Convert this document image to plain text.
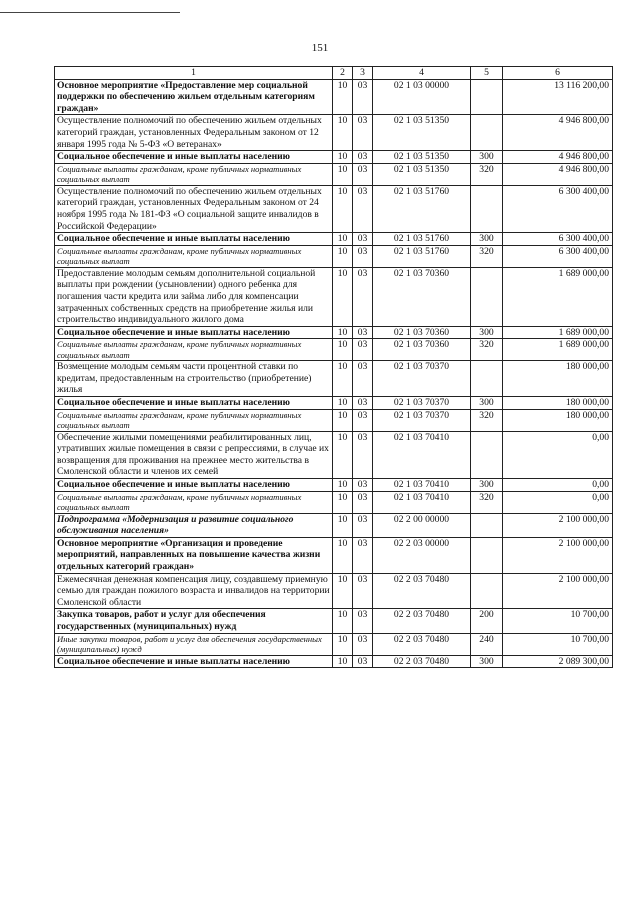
151
1	2	3	4	5	6
Основное мероприятие «Предоставление мер социальной поддержки по обеспечению жильем отдельным категориям граждан»	10	03	02 1 03 00000		13 116 200,00
Осуществление полномочий по обеспечению жильем отдельных категорий граждан, установленных Федеральным законом от 12 января 1995 года № 5-ФЗ «О ветеранах»	10	03	02 1 03 51350		4 946 800,00
Социальное обеспечение и иные выплаты населению	10	03	02 1 03 51350	300	4 946 800,00
Социальные выплаты гражданам, кроме публичных нормативных социальных выплат	10	03	02 1 03 51350	320	4 946 800,00
Осуществление полномочий по обеспечению жильем отдельных категорий граждан, установленных Федеральным законом от 24 ноября 1995 года № 181-ФЗ «О социальной защите инвалидов в Российской Федерации»	10	03	02 1 03 51760		6 300 400,00
Социальное обеспечение и иные выплаты населению	10	03	02 1 03 51760	300	6 300 400,00
Социальные выплаты гражданам, кроме публичных нормативных социальных выплат	10	03	02 1 03 51760	320	6 300 400,00
Предоставление молодым семьям дополнительной социальной выплаты при рождении (усыновлении) одного ребенка для погашения части кредита или займа либо для компенсации затраченных собственных средств на приобретение жилья или строительство индивидуального жилого дома	10	03	02 1 03 70360		1 689 000,00
Социальное обеспечение и иные выплаты населению	10	03	02 1 03 70360	300	1 689 000,00
Социальные выплаты гражданам, кроме публичных нормативных социальных выплат	10	03	02 1 03 70360	320	1 689 000,00
Возмещение молодым семьям части процентной ставки по кредитам, предоставленным на строительство (приобретение) жилья	10	03	02 1 03 70370		180 000,00
Социальное обеспечение и иные выплаты населению	10	03	02 1 03 70370	300	180 000,00
Социальные выплаты гражданам, кроме публичных нормативных социальных выплат	10	03	02 1 03 70370	320	180 000,00
Обеспечение жилыми помещениями реабилитированных лиц, утративших жилые помещения в связи с репрессиями, в случае их возвращения для проживания на прежнее место жительства в Смоленской области и членов их семей	10	03	02 1 03 70410		0,00
Социальное обеспечение и иные выплаты населению	10	03	02 1 03 70410	300	0,00
Социальные выплаты гражданам, кроме публичных нормативных социальных выплат	10	03	02 1 03 70410	320	0,00
Подпрограмма «Модернизация и развитие социального обслуживания населения»	10	03	02 2 00 00000		2 100 000,00
Основное мероприятие «Организация и проведение мероприятий, направленных на повышение качества жизни отдельных категорий граждан»	10	03	02 2 03 00000		2 100 000,00
Ежемесячная денежная компенсация лицу, создавшему приемную семью для граждан пожилого возраста и инвалидов на территории Смоленской области	10	03	02 2 03 70480		2 100 000,00
Закупка товаров, работ и услуг для обеспечения государственных (муниципальных) нужд	10	03	02 2 03 70480	200	10 700,00
Иные закупки товаров, работ и услуг для обеспечения государственных (муниципальных) нужд	10	03	02 2 03 70480	240	10 700,00
Социальное обеспечение и иные выплаты населению	10	03	02 2 03 70480	300	2 089 300,00
